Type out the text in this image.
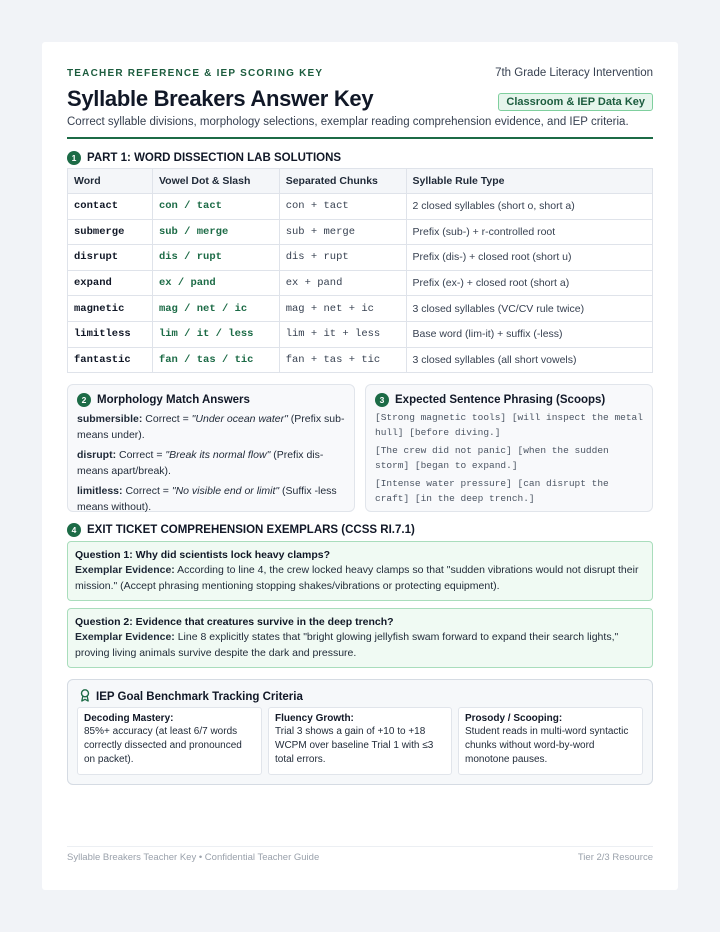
TEACHER REFERENCE & IEP SCORING KEY	7th Grade Literacy Intervention
Syllable Breakers Answer Key	Classroom & IEP Data Key
Correct syllable divisions, morphology selections, exemplar reading comprehension evidence, and IEP criteria.
1 PART 1: WORD DISSECTION LAB SOLUTIONS
Word	Vowel Dot & Slash	Separated Chunks	Syllable Rule Type
contact	con / tact	con + tact	2 closed syllables (short o, short a)
submerge	sub / merge	sub + merge	Prefix (sub-) + r-controlled root
disrupt	dis / rupt	dis + rupt	Prefix (dis-) + closed root (short u)
expand	ex / pand	ex + pand	Prefix (ex-) + closed root (short a)
magnetic	mag / net / ic	mag + net + ic	3 closed syllables (VC/CV rule twice)
limitless	lim / it / less	lim + it + less	Base word (lim-it) + suffix (-less)
fantastic	fan / tas / tic	fan + tas + tic	3 closed syllables (all short vowels)
2 Morphology Match Answers

submersible: Correct = "Under ocean water" (Prefix sub- means under).

disrupt: Correct = "Break its normal flow" (Prefix dis- means apart/break).

limitless: Correct = "No visible end or limit" (Suffix -less means without).

3 Expected Sentence Phrasing (Scoops)
[Strong magnetic tools] [will inspect the metal hull] [before diving.]
[The crew did not panic] [when the sudden storm] [began to expand.]
[Intense water pressure] [can disrupt the craft] [in the deep trench.]
4 EXIT TICKET COMPREHENSION EXEMPLARS (CCSS RI.7.1)
Question 1: Why did scientists lock heavy clamps?
Exemplar Evidence: According to line 4, the crew locked heavy clamps so that "sudden vibrations would not disrupt their mission." (Accept phrasing mentioning stopping shakes/vibrations or protecting equipment).
Question 2: Evidence that creatures survive in the deep trench?
Exemplar Evidence: Line 8 explicitly states that "bright glowing jellyfish swam forward to expand their search lights," proving living animals survive despite the dark and pressure.
IEP Goal Benchmark Tracking Criteria
Decoding Mastery:
85%+ accuracy (at least 6/7 words correctly dissected and pronounced on packet).
Fluency Growth:
Trial 3 shows a gain of +10 to +18 WCPM over baseline Trial 1 with ≤3 total errors.
Prosody / Scooping:
Student reads in multi-word syntactic chunks without word-by-word monotone pauses.
Syllable Breakers Teacher Key • Confidential Teacher Guide	Tier 2/3 Resource
